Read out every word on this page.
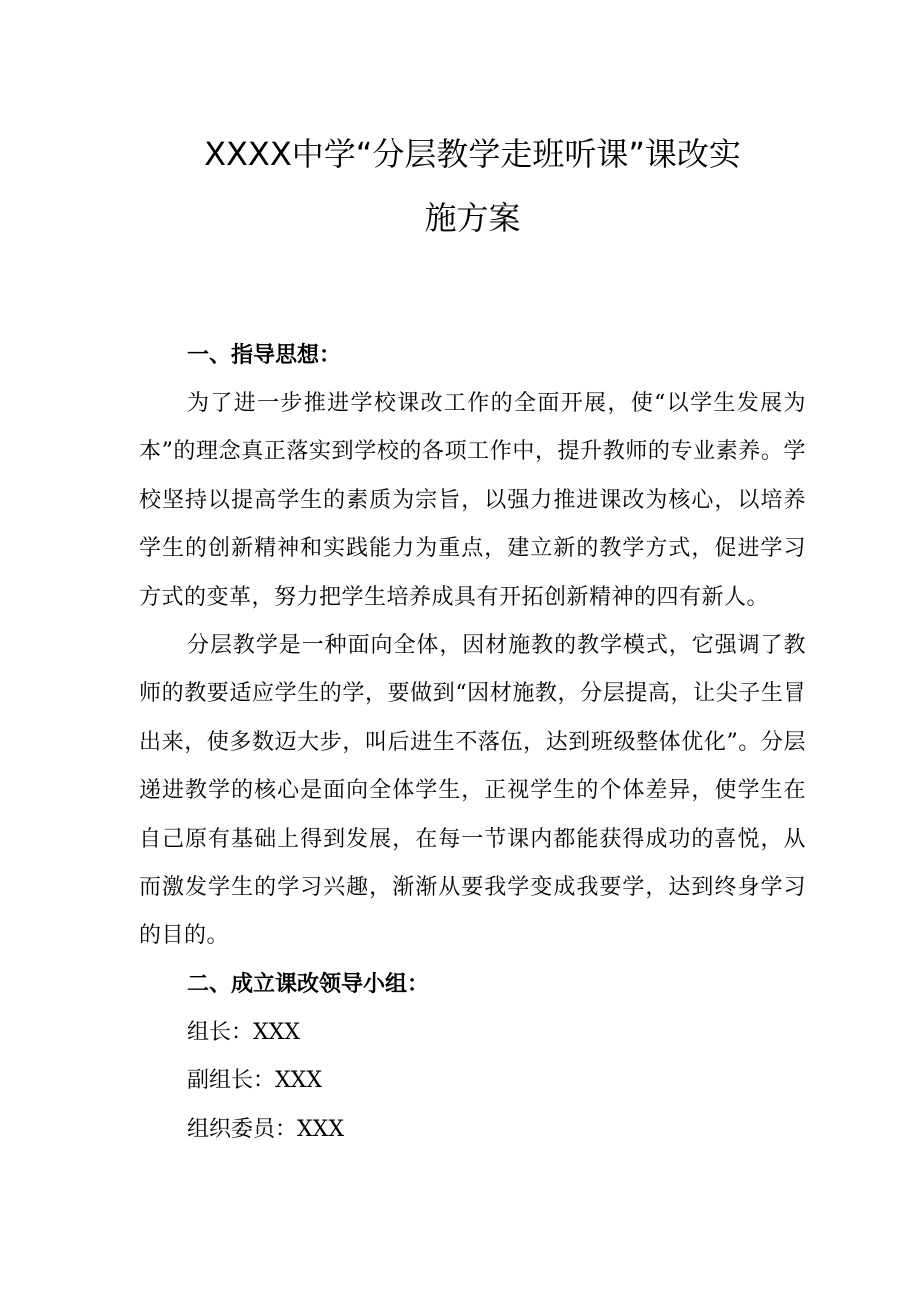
XXXX中学“分层教学走班听课”课改实
施方案
一、指导思想：

为了进一步推进学校课改工作的全面开展，使“以学生发展为本”的理念真正落实到学校的各项工作中，提升教师的专业素养。学校坚持以提高学生的素质为宗旨，以强力推进课改为核心，以培养学生的创新精神和实践能力为重点，建立新的教学方式，促进学习方式的变革，努力把学生培养成具有开拓创新精神的四有新人。

分层教学是一种面向全体，因材施教的教学模式，它强调了教师的教要适应学生的学，要做到“因材施教，分层提高，让尖子生冒出来，使多数迈大步，叫后进生不落伍，达到班级整体优化”。分层递进教学的核心是面向全体学生，正视学生的个体差异，使学生在自己原有基础上得到发展，在每一节课内都能获得成功的喜悦，从而激发学生的学习兴趣，渐渐从要我学变成我要学，达到终身学习的目的。

二、成立课改领导小组：

组长：XXX

副组长：XXX

组织委员：XXX
